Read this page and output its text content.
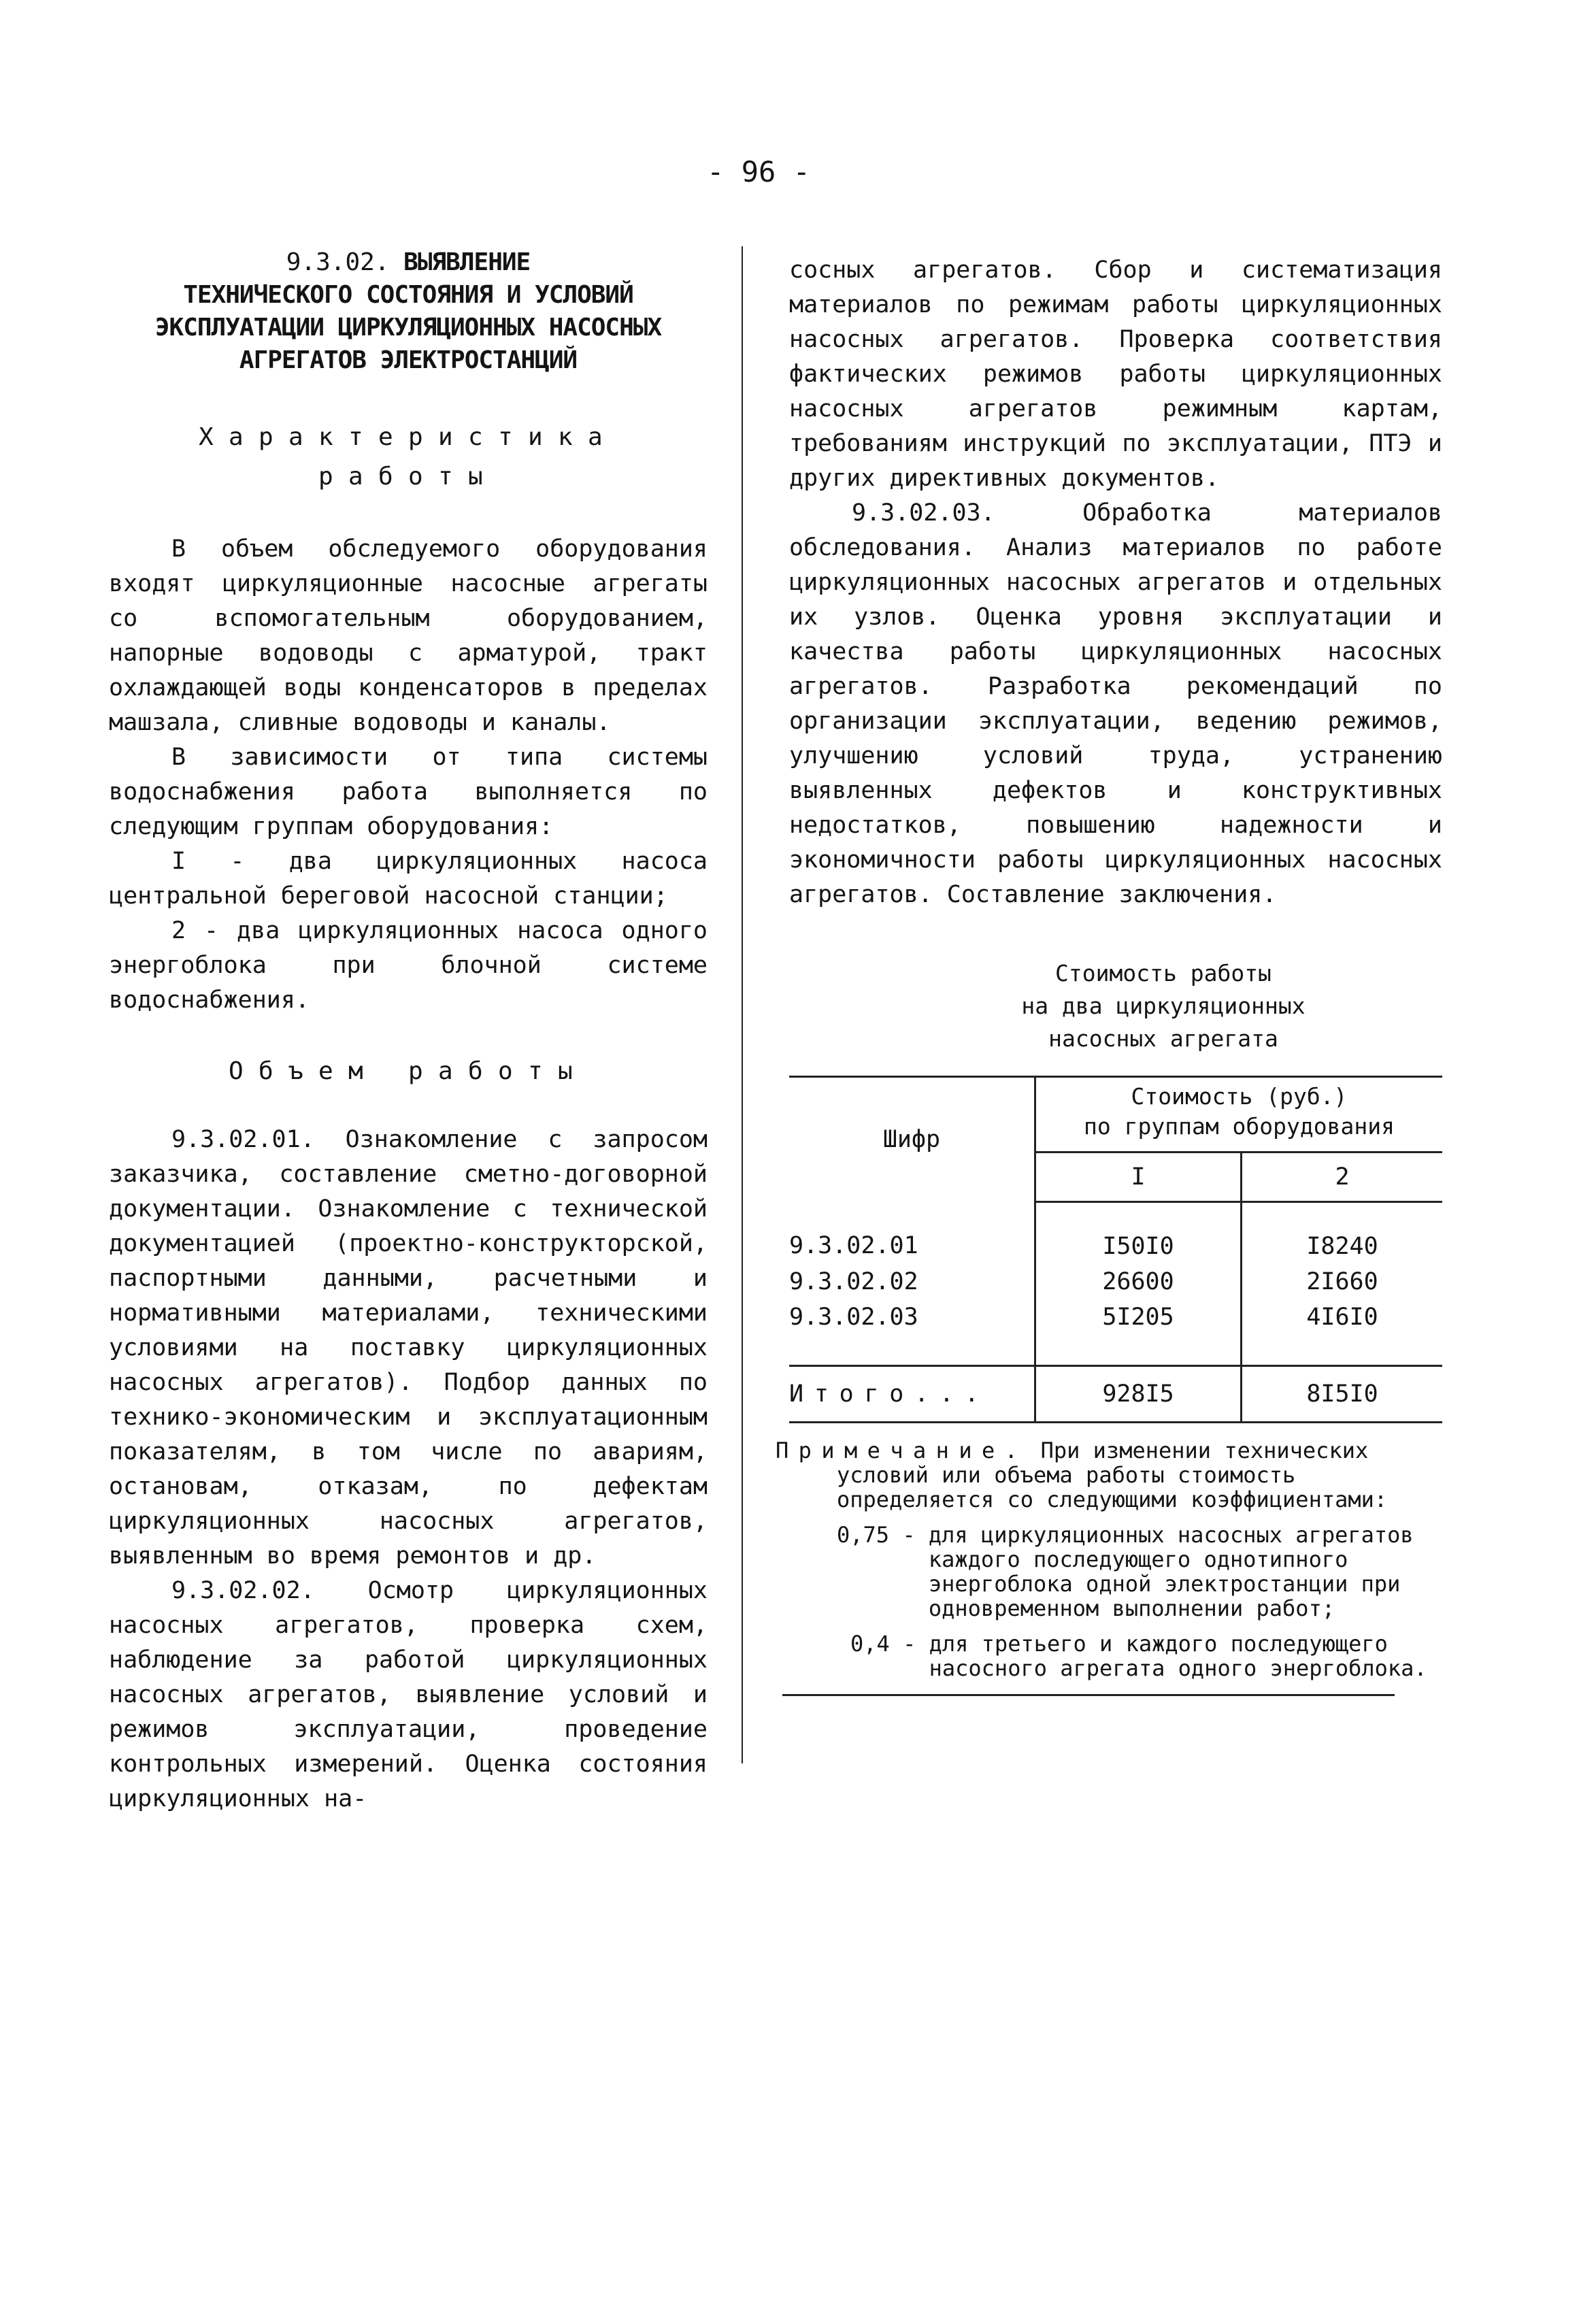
- 96 -

9.3.02. ВЫЯВЛЕНИЕ

ТЕХНИЧЕСКОГО СОСТОЯНИЯ И УСЛОВИЙ

ЭКСПЛУАТАЦИИ ЦИРКУЛЯЦИОННЫХ НАСОСНЫХ

АГРЕГАТОВ ЭЛЕКТРОСТАНЦИЙ

Характеристика

работы

В объем обследуемого оборудования входят циркуляционные насосные агрегаты со вспомогательным оборудованием, напорные водоводы с арматурой, тракт охлаждающей воды конденсаторов в пределах машзала, сливные водоводы и каналы.

В зависимости от типа системы водоснабжения работа выполняется по следующим группам оборудования:

I - два циркуляционных насоса центральной береговой насосной станции;

2 - два циркуляционных насоса одного энергоблока при блочной системе водоснабжения.

Объем работы

9.3.02.01. Ознакомление с запросом заказчика, составление сметно-договорной документации. Ознакомление с технической документацией (проектно-конструкторской, паспортными данными, расчетными и нормативными материалами, техническими условиями на поставку циркуляционных насосных агрегатов). Подбор данных по технико-экономическим и эксплуатационным показателям, в том числе по авариям, остановам, отказам, по дефектам циркуляционных насосных агрегатов, выявленным во время ремонтов и др.

9.3.02.02. Осмотр циркуляционных насосных агрегатов, проверка схем, наблюдение за работой циркуляционных насосных агрегатов, выявление условий и режимов эксплуатации, проведение контрольных измерений. Оценка состояния циркуляционных на-

сосных агрегатов. Сбор и систематизация материалов по режимам работы циркуляционных насосных агрегатов. Проверка соответствия фактических режимов работы циркуляционных насосных агрегатов режимным картам, требованиям инструкций по эксплуатации, ПТЭ и других директивных документов.

9.3.02.03. Обработка материалов обследования. Анализ материалов по работе циркуляционных насосных агрегатов и отдельных их узлов. Оценка уровня эксплуатации и качества работы циркуляционных насосных агрегатов. Разработка рекомендаций по организации эксплуатации, ведению режимов, улучшению условий труда, устранению выявленных дефектов и конструктивных недостатков, повышению надежности и экономичности работы циркуляционных насосных агрегатов. Составление заключения.

Стоимость работы

на два циркуляционных

насосных агрегата

Шифр	Стоимость (руб.)
по группам оборудования	

	I	2
9.3.02.01	I50I0	I8240
9.3.02.02	26600	2I660
9.3.02.03	5I205	4I6I0
Итого...	928I5	8I5I0

Примечание. При изменении технических условий или объема работы стоимость определяется со следующими коэффициентами:

0,75 - для циркуляционных насосных агрегатов каждого последующего однотипного энергоблока одной электростанции при одновременном выполнении работ;
0,4 - для третьего и каждого последующего насосного агрегата одного энергоблока.
